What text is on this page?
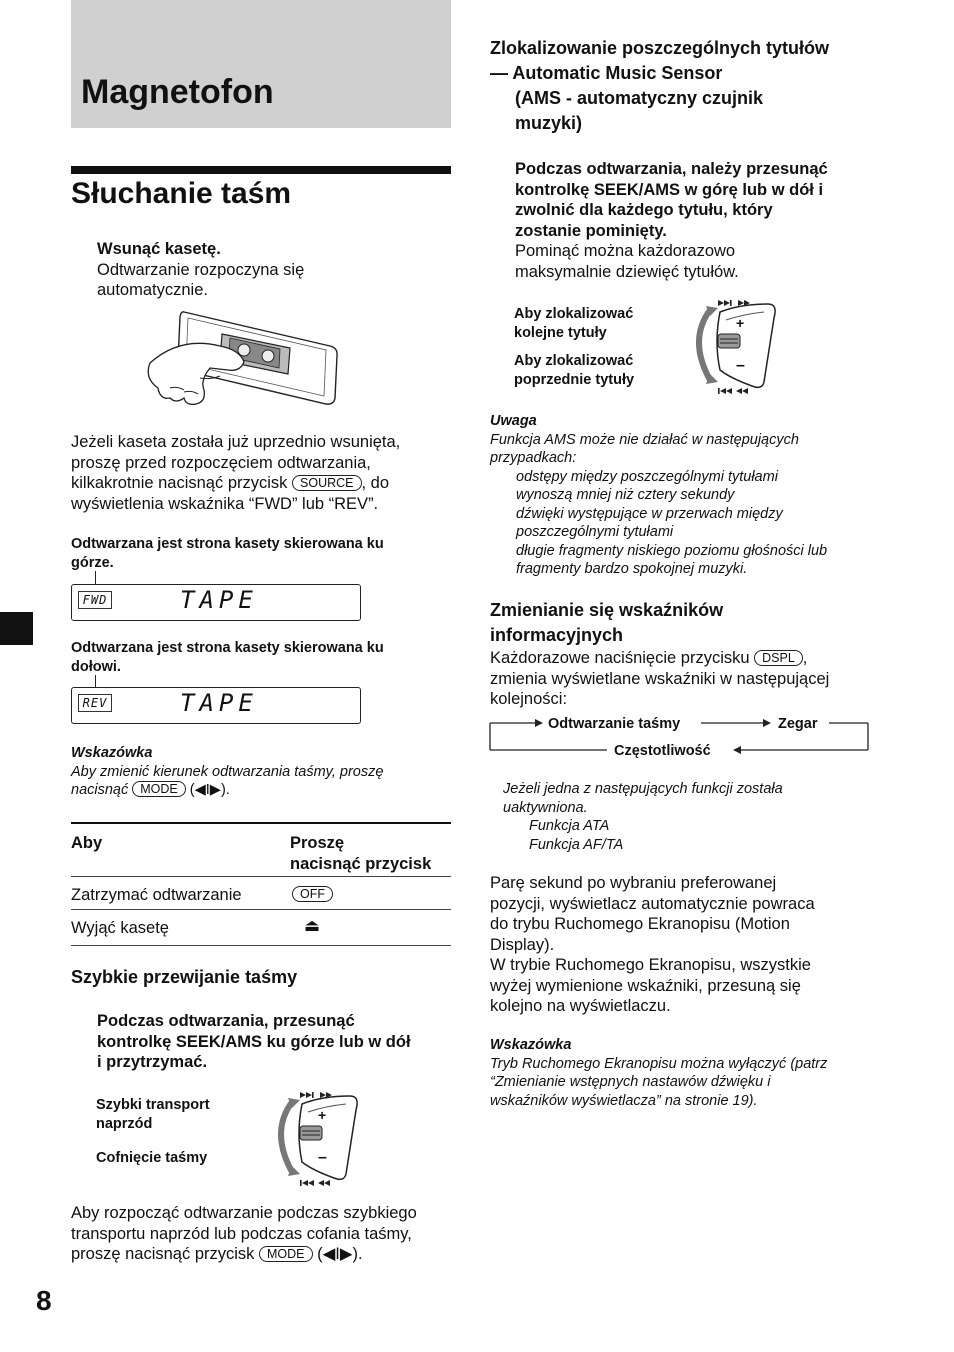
Magnetofon
Słuchanie taśm
Wsunąć kasetę.
Odtwarzanie rozpoczyna się
automatycznie.
Jeżeli kaseta została już uprzednio wsunięta,
proszę przed rozpoczęciem odtwarzania,
kilkakrotnie nacisnąć przycisk SOURCE , do
wyświetlenia wskaźnika “FWD” lub “REV”.
Odtwarzana jest strona kasety skierowana ku
górze.
FWD	TAPE
Odtwarzana jest strona kasety skierowana ku
dołowi.
REV	TAPE
Wskazówka
Aby zmienić kierunek odtwarzania taśmy, proszę
nacisnąć MODE (◀I▶).
Aby	Proszę
nacisnąć przycisk
Zatrzymać odtwarzanie	OFF
Wyjąć kasetę	⏏
Szybkie przewijanie taśmy
Podczas odtwarzania, przesunąć
kontrolkę SEEK/AMS ku górze lub w dół
i przytrzymać.
Szybki transport
naprzód
Cofnięcie taśmy
+
–
Aby rozpocząć odtwarzanie podczas szybkiego
transportu naprzód lub podczas cofania taśmy,
proszę nacisnąć przycisk MODE (◀I▶).
8
Zlokalizowanie poszczególnych tytułów
— Automatic Music Sensor
(AMS - automatyczny czujnik
muzyki)
Podczas odtwarzania, należy przesunąć
kontrolkę SEEK/AMS w górę lub w dół i
zwolnić dla każdego tytułu, który
zostanie pominięty.
Pominąć można każdorazowo
maksymalnie dziewięć tytułów.
Aby zlokalizować
kolejne tytuły
Aby zlokalizować
poprzednie tytuły
+
–
Uwaga
Funkcja AMS może nie działać w następujących
przypadkach:
odstępy między poszczególnymi tytułami
wynoszą mniej niż cztery sekundy
dźwięki występujące w przerwach między
poszczególnymi tytułami
długie fragmenty niskiego poziomu głośności lub
fragmenty bardzo spokojnej muzyki.
Zmienianie się wskaźników
informacyjnych
Każdorazowe naciśnięcie przycisku DSPL ,
zmienia wyświetlane wskaźniki w następującej
kolejności:
Odtwarzanie taśmy	Zegar
Częstotliwość
Jeżeli jedna z następujących funkcji została
uaktywniona.
Funkcja ATA
Funkcja AF/TA
Parę sekund po wybraniu preferowanej
pozycji, wyświetlacz automatycznie powraca
do trybu Ruchomego Ekranopisu (Motion
Display).
W trybie Ruchomego Ekranopisu, wszystkie
wyżej wymienione wskaźniki, przesuną się
kolejno na wyświetlaczu.
Wskazówka
Tryb Ruchomego Ekranopisu można wyłączyć (patrz
“Zmienianie wstępnych nastawów dźwięku i
wskaźników wyświetlacza” na stronie 19).
